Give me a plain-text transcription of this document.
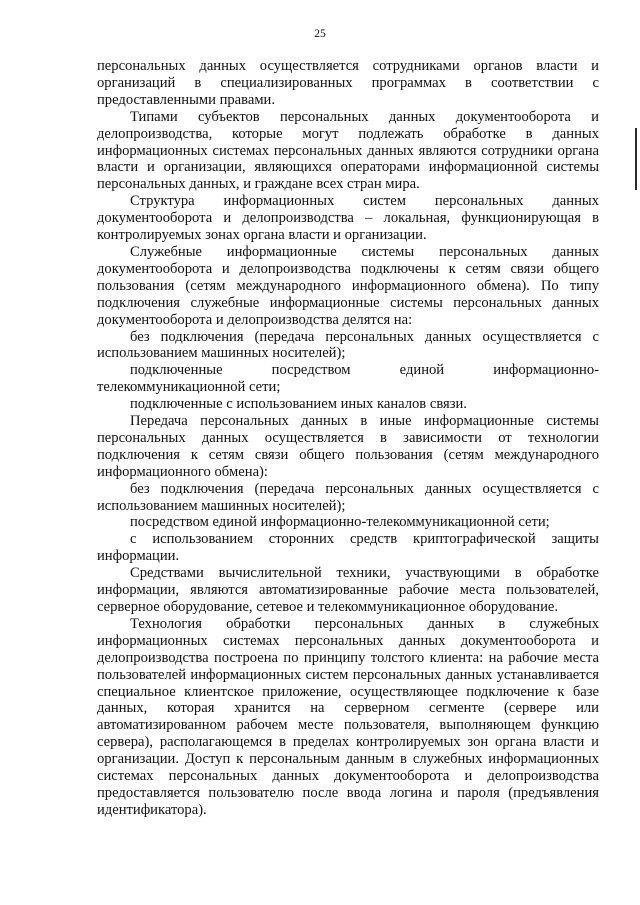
25

персональных данных осуществляется сотрудниками органов власти и организаций в специализированных программах в соответствии с предоставленными правами.

Типами субъектов персональных данных документооборота и делопроизводства, которые могут подлежать обработке в данных информационных системах персональных данных являются сотрудники органа власти и организации, являющихся операторами информационной системы персональных данных, и граждане всех стран мира.

Структура информационных систем персональных данных документооборота и делопроизводства – локальная, функционирующая в контролируемых зонах органа власти и организации.

Служебные информационные системы персональных данных документооборота и делопроизводства подключены к сетям связи общего пользования (сетям международного информационного обмена). По типу подключения служебные информационные системы персональных данных документооборота и делопроизводства делятся на:

без подключения (передача персональных данных осуществляется с использованием машинных носителей);

подключенные посредством единой информационно-телекоммуникационной сети;

подключенные с использованием иных каналов связи.

Передача персональных данных в иные информационные системы персональных данных осуществляется в зависимости от технологии подключения к сетям связи общего пользования (сетям международного информационного обмена):

без подключения (передача персональных данных осуществляется с использованием машинных носителей);

посредством единой информационно-телекоммуникационной сети;

с использованием сторонних средств криптографической защиты информации.

Средствами вычислительной техники, участвующими в обработке информации, являются автоматизированные рабочие места пользователей, серверное оборудование, сетевое и телекоммуникационное оборудование.

Технология обработки персональных данных в служебных информационных системах персональных данных документооборота и делопроизводства построена по принципу толстого клиента: на рабочие места пользователей информационных систем персональных данных устанавливается специальное клиентское приложение, осуществляющее подключение к базе данных, которая хранится на серверном сегменте (сервере или автоматизированном рабочем месте пользователя, выполняющем функцию сервера), располагающемся в пределах контролируемых зон органа власти и организации. Доступ к персональным данным в служебных информационных системах персональных данных документооборота и делопроизводства предоставляется пользователю после ввода логина и пароля (предъявления идентификатора).
